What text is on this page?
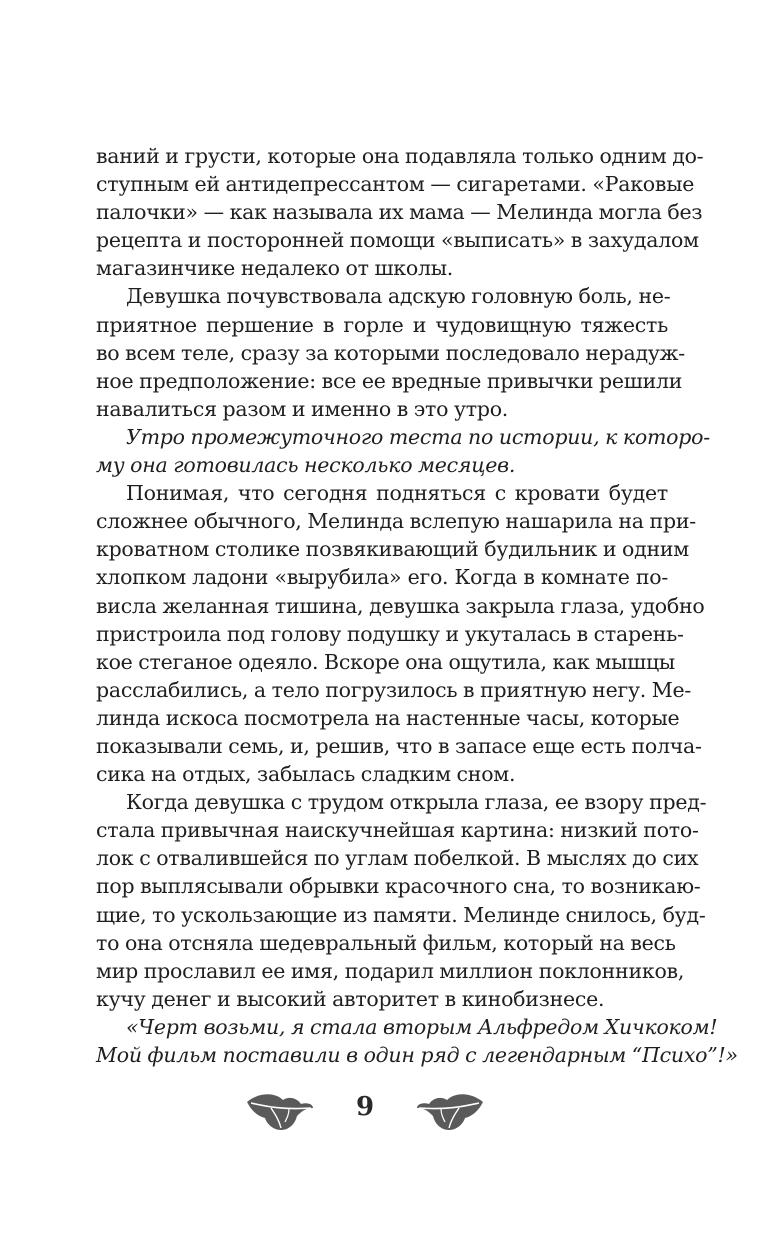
ваний и грусти, которые она подавляла только одним до-
ступным ей антидепрессантом — сигаретами. «Раковые
палочки» — как называла их мама — Мелинда могла без
рецепта и посторонней помощи «выписать» в захудалом
магазинчике недалеко от школы.

Девушка почувствовала адскую головную боль, не-
приятное першение в горле и чудовищную тяжесть
во всем теле, сразу за которыми последовало нерадуж-
ное предположение: все ее вредные привычки решили
навалиться разом и именно в это утро.

Утро промежуточного теста по истории, к которо-
му она готовилась несколько месяцев.

Понимая, что сегодня подняться с кровати будет
сложнее обычного, Мелинда вслепую нашарила на при-
кроватном столике позвякивающий будильник и одним
хлопком ладони «вырубила» его. Когда в комнате по-
висла желанная тишина, девушка закрыла глаза, удобно
пристроила под голову подушку и укуталась в старень-
кое стеганое одеяло. Вскоре она ощутила, как мышцы
расслабились, а тело погрузилось в приятную негу. Ме-
линда искоса посмотрела на настенные часы, которые
показывали семь, и, решив, что в запасе еще есть полча-
сика на отдых, забылась сладким сном.

Когда девушка с трудом открыла глаза, ее взору пред-
стала привычная наискучнейшая картина: низкий пото-
лок с отвалившейся по углам побелкой. В мыслях до сих
пор выплясывали обрывки красочного сна, то возникаю-
щие, то ускользающие из памяти. Мелинде снилось, буд-
то она отсняла шедевральный фильм, который на весь
мир прославил ее имя, подарил миллион поклонников,
кучу денег и высокий авторитет в кинобизнесе.

«Черт возьми, я стала вторым Альфредом Хичкоком!
Мой фильм поставили в один ряд с легендарным “Психо”!»

9
